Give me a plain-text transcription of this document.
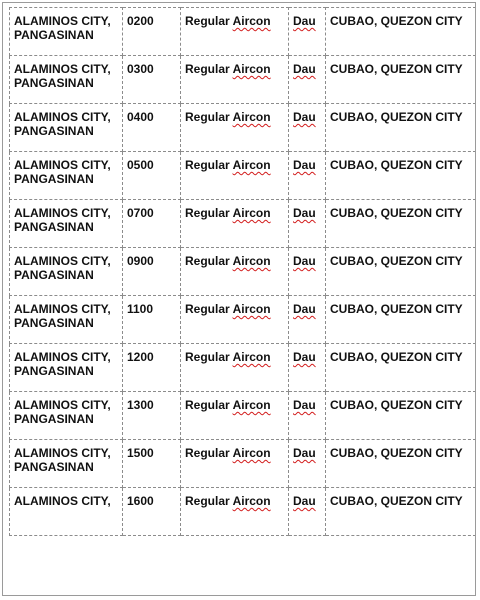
ALAMINOS CITY, PANGASINAN	0200	Regular Aircon	Dau	CUBAO, QUEZON CITY
ALAMINOS CITY, PANGASINAN	0300	Regular Aircon	Dau	CUBAO, QUEZON CITY
ALAMINOS CITY, PANGASINAN	0400	Regular Aircon	Dau	CUBAO, QUEZON CITY
ALAMINOS CITY, PANGASINAN	0500	Regular Aircon	Dau	CUBAO, QUEZON CITY
ALAMINOS CITY, PANGASINAN	0700	Regular Aircon	Dau	CUBAO, QUEZON CITY
ALAMINOS CITY, PANGASINAN	0900	Regular Aircon	Dau	CUBAO, QUEZON CITY
ALAMINOS CITY, PANGASINAN	1100	Regular Aircon	Dau	CUBAO, QUEZON CITY
ALAMINOS CITY, PANGASINAN	1200	Regular Aircon	Dau	CUBAO, QUEZON CITY
ALAMINOS CITY, PANGASINAN	1300	Regular Aircon	Dau	CUBAO, QUEZON CITY
ALAMINOS CITY, PANGASINAN	1500	Regular Aircon	Dau	CUBAO, QUEZON CITY
ALAMINOS CITY,	1600	Regular Aircon	Dau	CUBAO, QUEZON CITY
